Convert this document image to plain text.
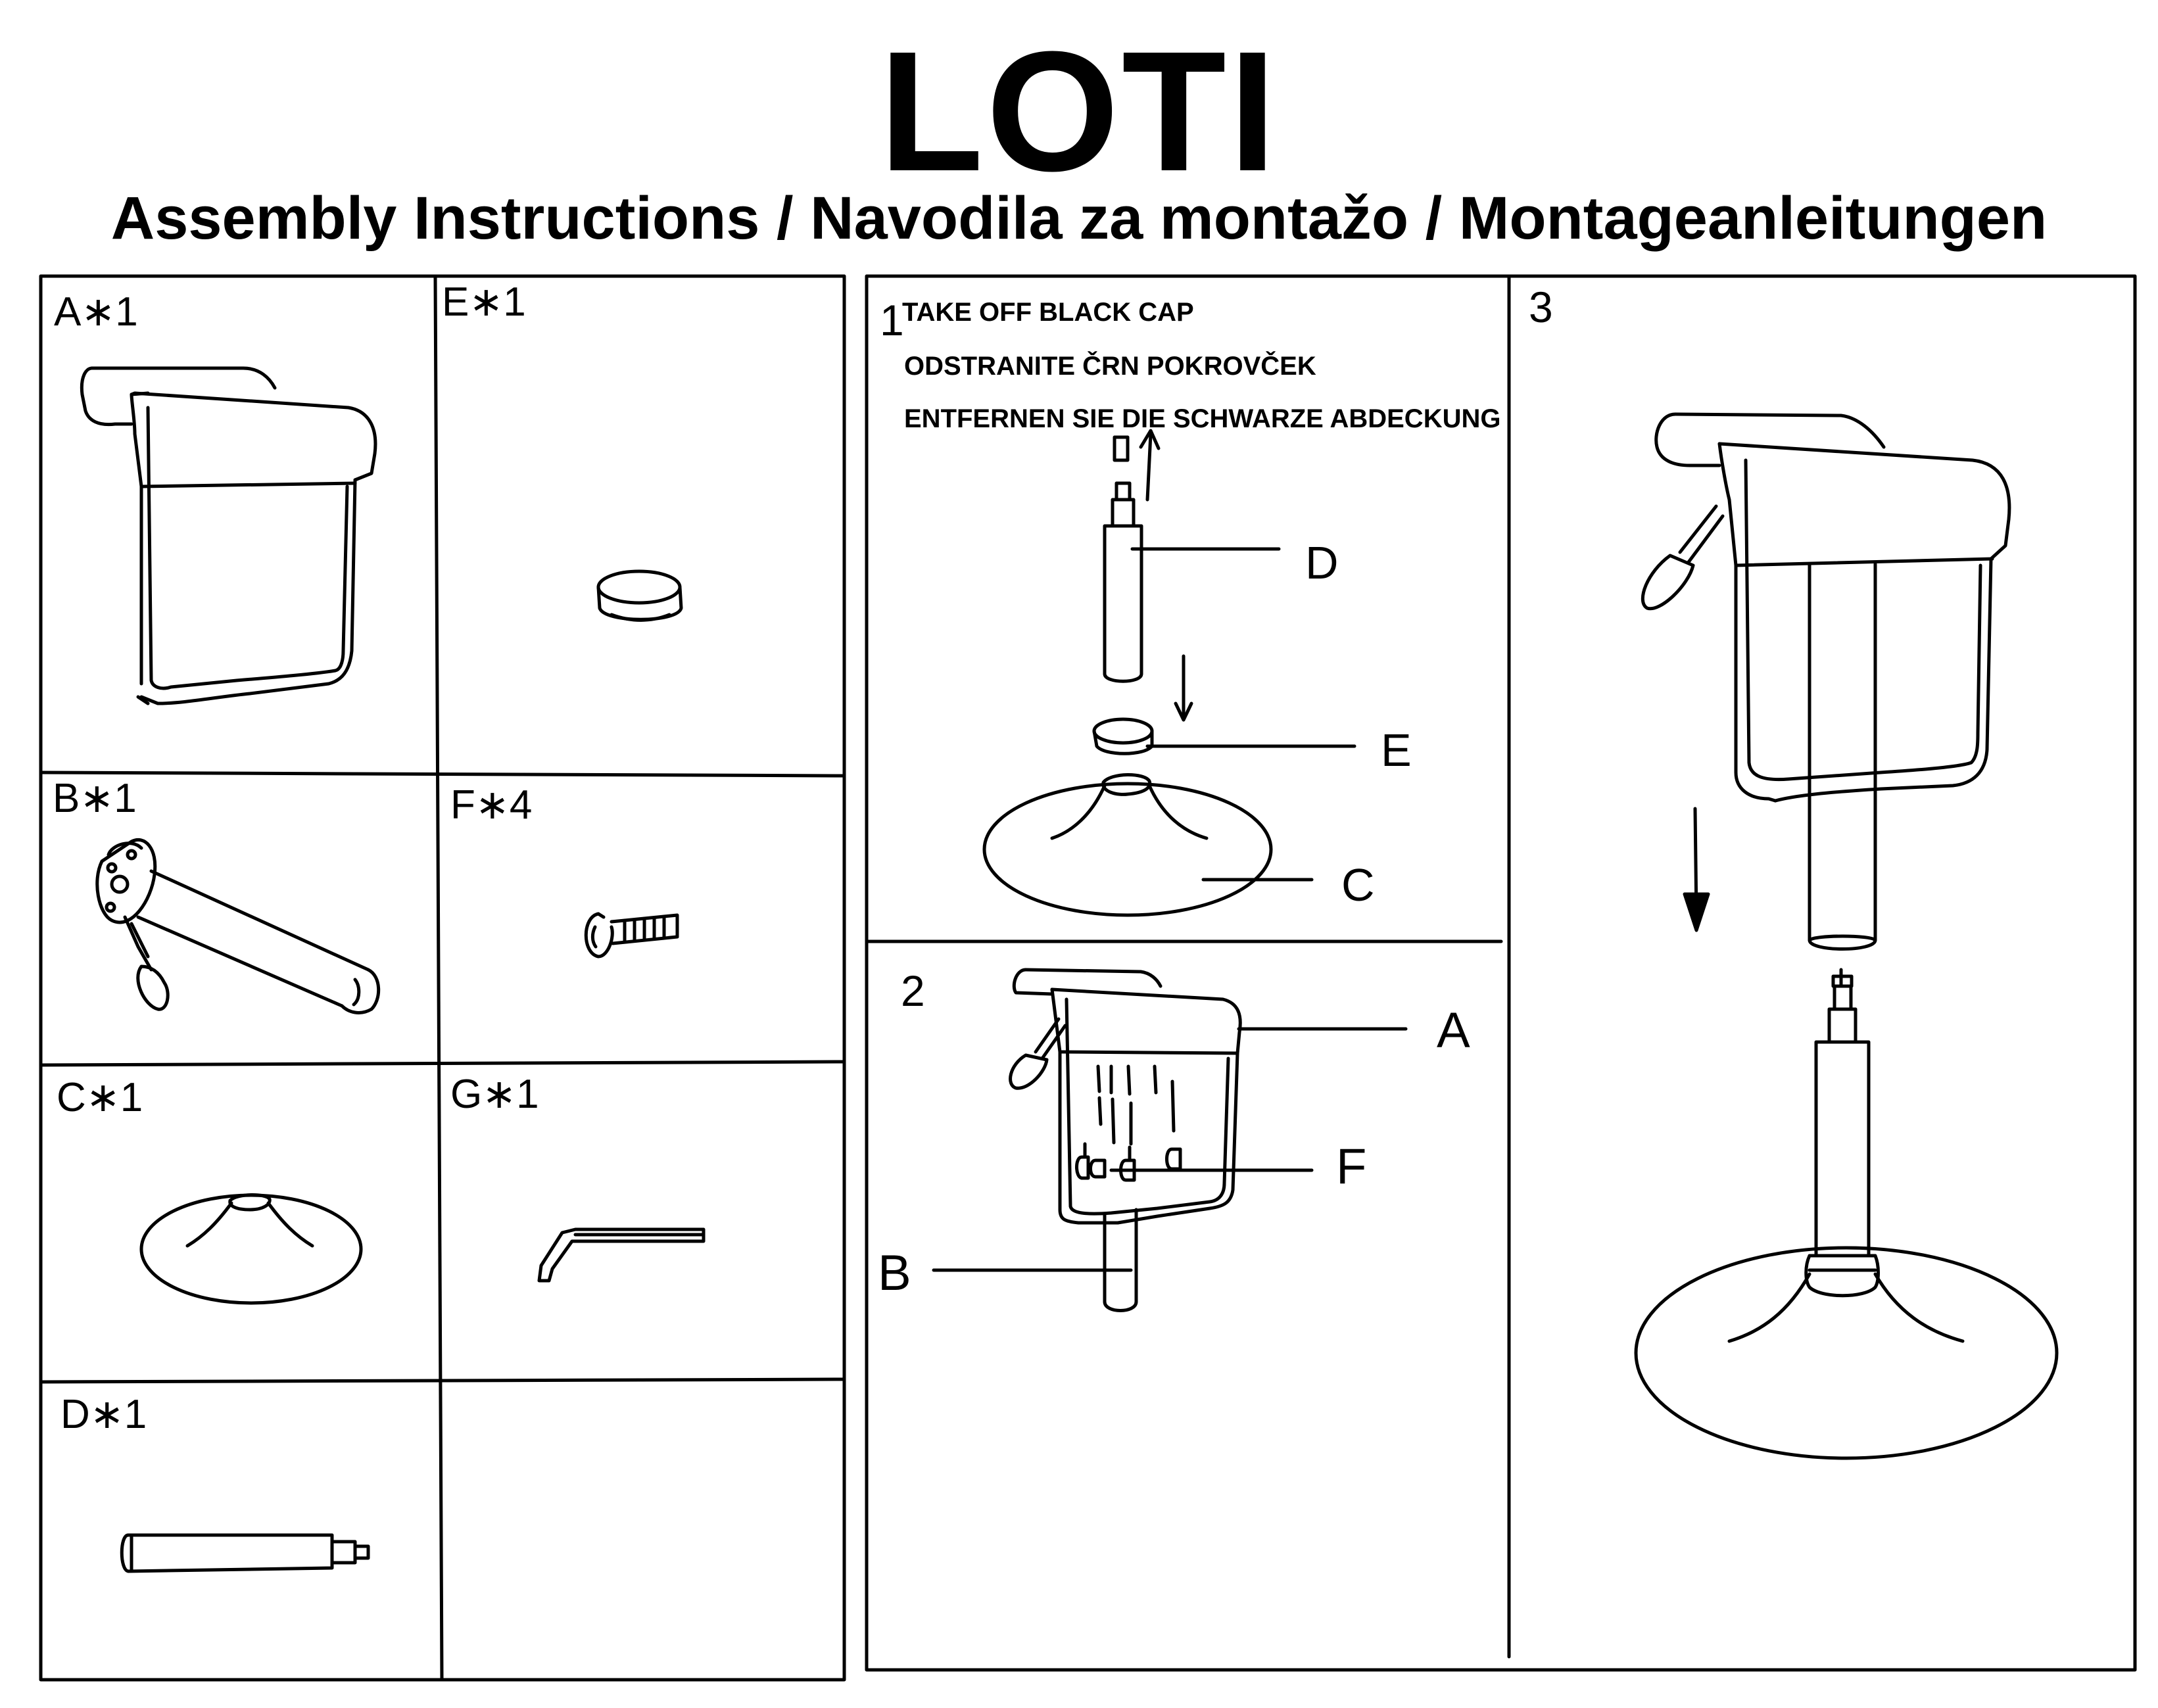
LOTI
Assembly Instructions / Navodila za montažo / Montageanleitungen
A∗1	E∗1
B∗1	F∗4
C∗1	G∗1
D∗1
1
2
3
TAKE OFF BLACK CAP
ODSTRANITE ČRN POKROVČEK
ENTFERNEN SIE DIE SCHWARZE ABDECKUNG
D
E
C
A
F
B
